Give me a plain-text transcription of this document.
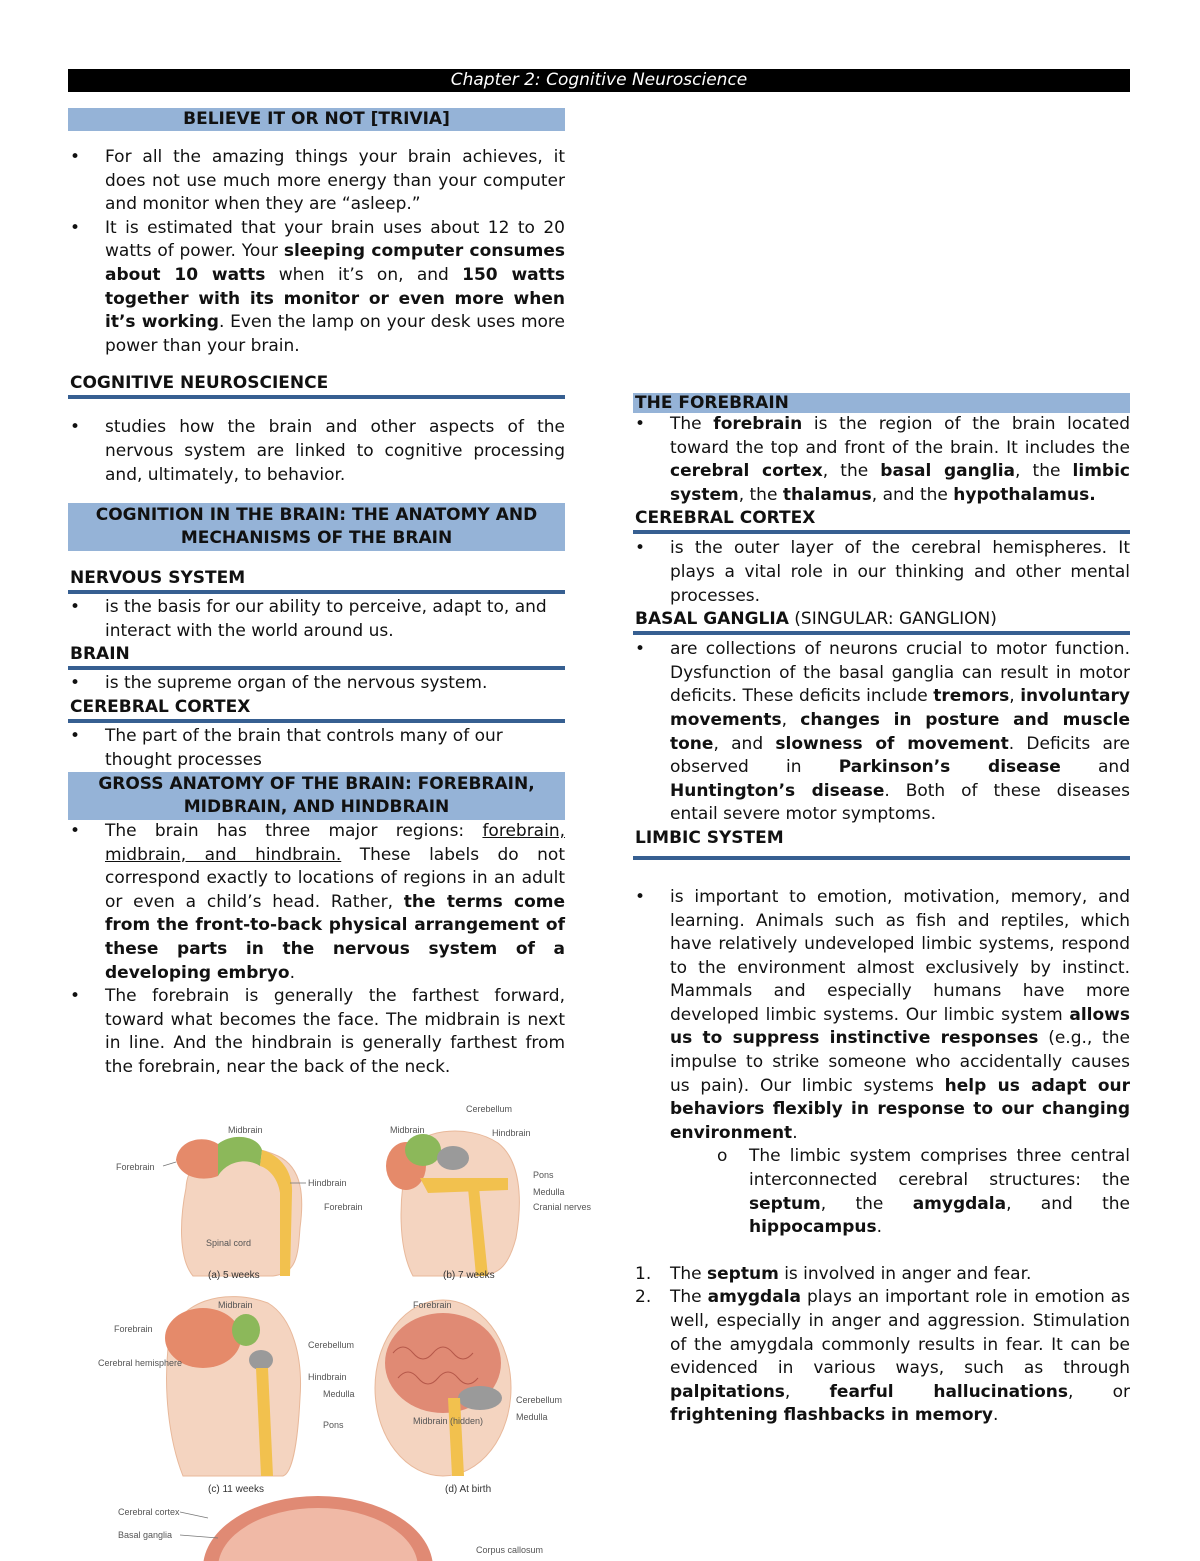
Chapter 2: Cognitive Neuroscience
BELIEVE IT OR NOT [TRIVIA]
• For all the amazing things your brain achieves, it does not use much more energy than your computer and monitor when they are “asleep.”
• It is estimated that your brain uses about 12 to 20 watts of power. Your sleeping computer consumes about 10 watts when it’s on, and 150 watts together with its monitor or even more when it’s working. Even the lamp on your desk uses more power than your brain.
COGNITIVE NEUROSCIENCE
• studies how the brain and other aspects of the nervous system are linked to cognitive processing and, ultimately, to behavior.
COGNITION IN THE BRAIN: THE ANATOMY AND
MECHANISMS OF THE BRAIN
NERVOUS SYSTEM
• is the basis for our ability to perceive, adapt to, and interact with the world around us.
BRAIN
• is the supreme organ of the nervous system.
CEREBRAL CORTEX
• The part of the brain that controls many of our thought processes
GROSS ANATOMY OF THE BRAIN: FOREBRAIN,
MIDBRAIN, AND HINDBRAIN
• The brain has three major regions: forebrain, midbrain, and hindbrain. These labels do not correspond exactly to locations of regions in an adult or even a child’s head. Rather, the terms come from the front-to-back physical arrangement of these parts in the nervous system of a developing embryo.
• The forebrain is generally the farthest forward, toward what becomes the face. The midbrain is next in line. And the hindbrain is generally farthest from the forebrain, near the back of the neck.
Midbrain
Forebrain
Hindbrain
Spinal cord
(a) 5 weeks
Cerebellum
Midbrain	Hindbrain
Pons
Medulla
Cranial nerves
Forebrain
(b) 7 weeks
Midbrain
Forebrain
Cerebral hemisphere
Cerebellum
Hindbrain
Medulla
Pons
(c) 11 weeks
Forebrain
Cerebellum
Midbrain (hidden)	Medulla
(d) At birth
Cerebral cortex
Basal ganglia
Corpus callosum
THE FOREBRAIN
• The forebrain is the region of the brain located toward the top and front of the brain. It includes the cerebral cortex, the basal ganglia, the limbic system, the thalamus, and the hypothalamus.
CEREBRAL CORTEX
• is the outer layer of the cerebral hemispheres. It plays a vital role in our thinking and other mental processes.
BASAL GANGLIA (SINGULAR: GANGLION)
• are collections of neurons crucial to motor function. Dysfunction of the basal ganglia can result in motor deficits. These deficits include tremors, involuntary movements, changes in posture and muscle tone, and slowness of movement. Deficits are observed in Parkinson’s disease and Huntington’s disease. Both of these diseases entail severe motor symptoms.
LIMBIC SYSTEM
• is important to emotion, motivation, memory, and learning. Animals such as fish and reptiles, which have relatively undeveloped limbic systems, respond to the environment almost exclusively by instinct. Mammals and especially humans have more developed limbic systems. Our limbic system allows us to suppress instinctive responses (e.g., the impulse to strike someone who accidentally causes us pain). Our limbic systems help us adapt our behaviors flexibly in response to our changing environment.
o The limbic system comprises three central interconnected cerebral structures: the septum, the amygdala, and the hippocampus.
1. The septum is involved in anger and fear.
2. The amygdala plays an important role in emotion as well, especially in anger and aggression. Stimulation of the amygdala commonly results in fear. It can be evidenced in various ways, such as through palpitations, fearful hallucinations, or frightening flashbacks in memory.
